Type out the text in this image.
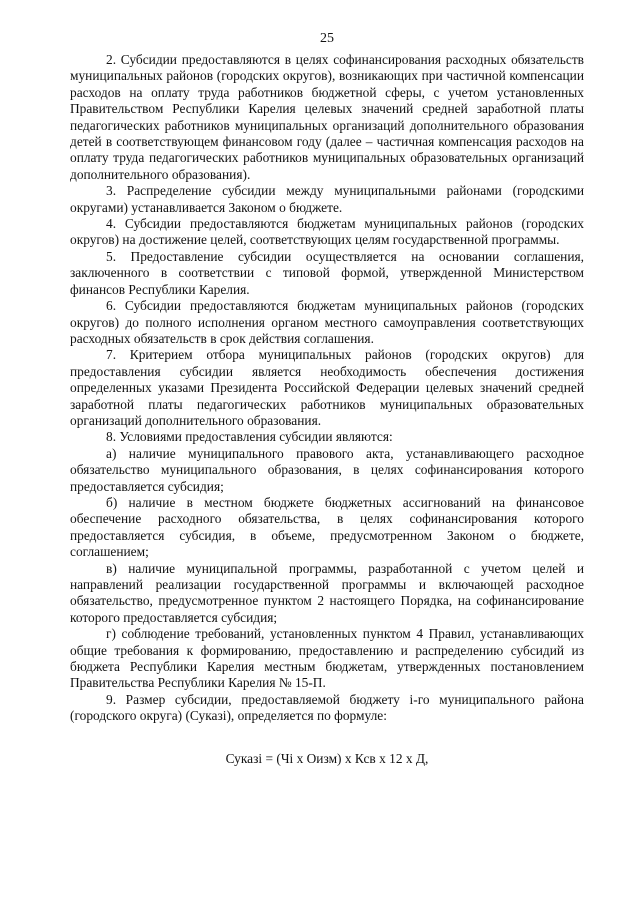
25

2. Субсидии предоставляются в целях софинансирования расходных обязательств муниципальных районов (городских округов), возникающих при частичной компенсации расходов на оплату труда работников бюджетной сферы, с учетом установленных Правительством Республики Карелия целевых значений средней заработной платы педагогических работников муниципальных организаций дополнительного образования детей в соответствующем финансовом году (далее – частичная компенсация расходов на оплату труда педагогических работников муниципальных образовательных организаций дополнительного образования).

3. Распределение субсидии между муниципальными районами (городскими округами) устанавливается Законом о бюджете.

4. Субсидии предоставляются бюджетам муниципальных районов (городских округов) на достижение целей, соответствующих целям государственной программы.

5. Предоставление субсидии осуществляется на основании соглашения, заключенного в соответствии с типовой формой, утвержденной Министерством финансов Республики Карелия.

6. Субсидии предоставляются бюджетам муниципальных районов (городских округов) до полного исполнения органом местного самоуправления соответствующих расходных обязательств в срок действия соглашения.

7. Критерием отбора муниципальных районов (городских округов) для предоставления субсидии является необходимость обеспечения достижения определенных указами Президента Российской Федерации целевых значений средней заработной платы педагогических работников муниципальных образовательных организаций дополнительного образования.

8. Условиями предоставления субсидии являются:

а) наличие муниципального правового акта, устанавливающего расходное обязательство муниципального образования, в целях софинансирования которого предоставляется субсидия;

б) наличие в местном бюджете бюджетных ассигнований на финансовое обеспечение расходного обязательства, в целях софинансирования которого предоставляется субсидия, в объеме, предусмотренном Законом о бюджете, соглашением;

в) наличие муниципальной программы, разработанной с учетом целей и направлений реализации государственной программы и включающей расходное обязательство, предусмотренное пунктом 2 настоящего Порядка, на софинансирование которого предоставляется субсидия;

г) соблюдение требований, установленных пунктом 4 Правил, устанавливающих общие требования к формированию, предоставлению и распределению субсидий из бюджета Республики Карелия местным бюджетам, утвержденных постановлением Правительства Республики Карелия № 15-П.

9. Размер субсидии, предоставляемой бюджету i-го муниципального района (городского округа) (Суказi), определяется по формуле:

Суказi = (Чi x Оизм) x Ксв x 12 x Д,
